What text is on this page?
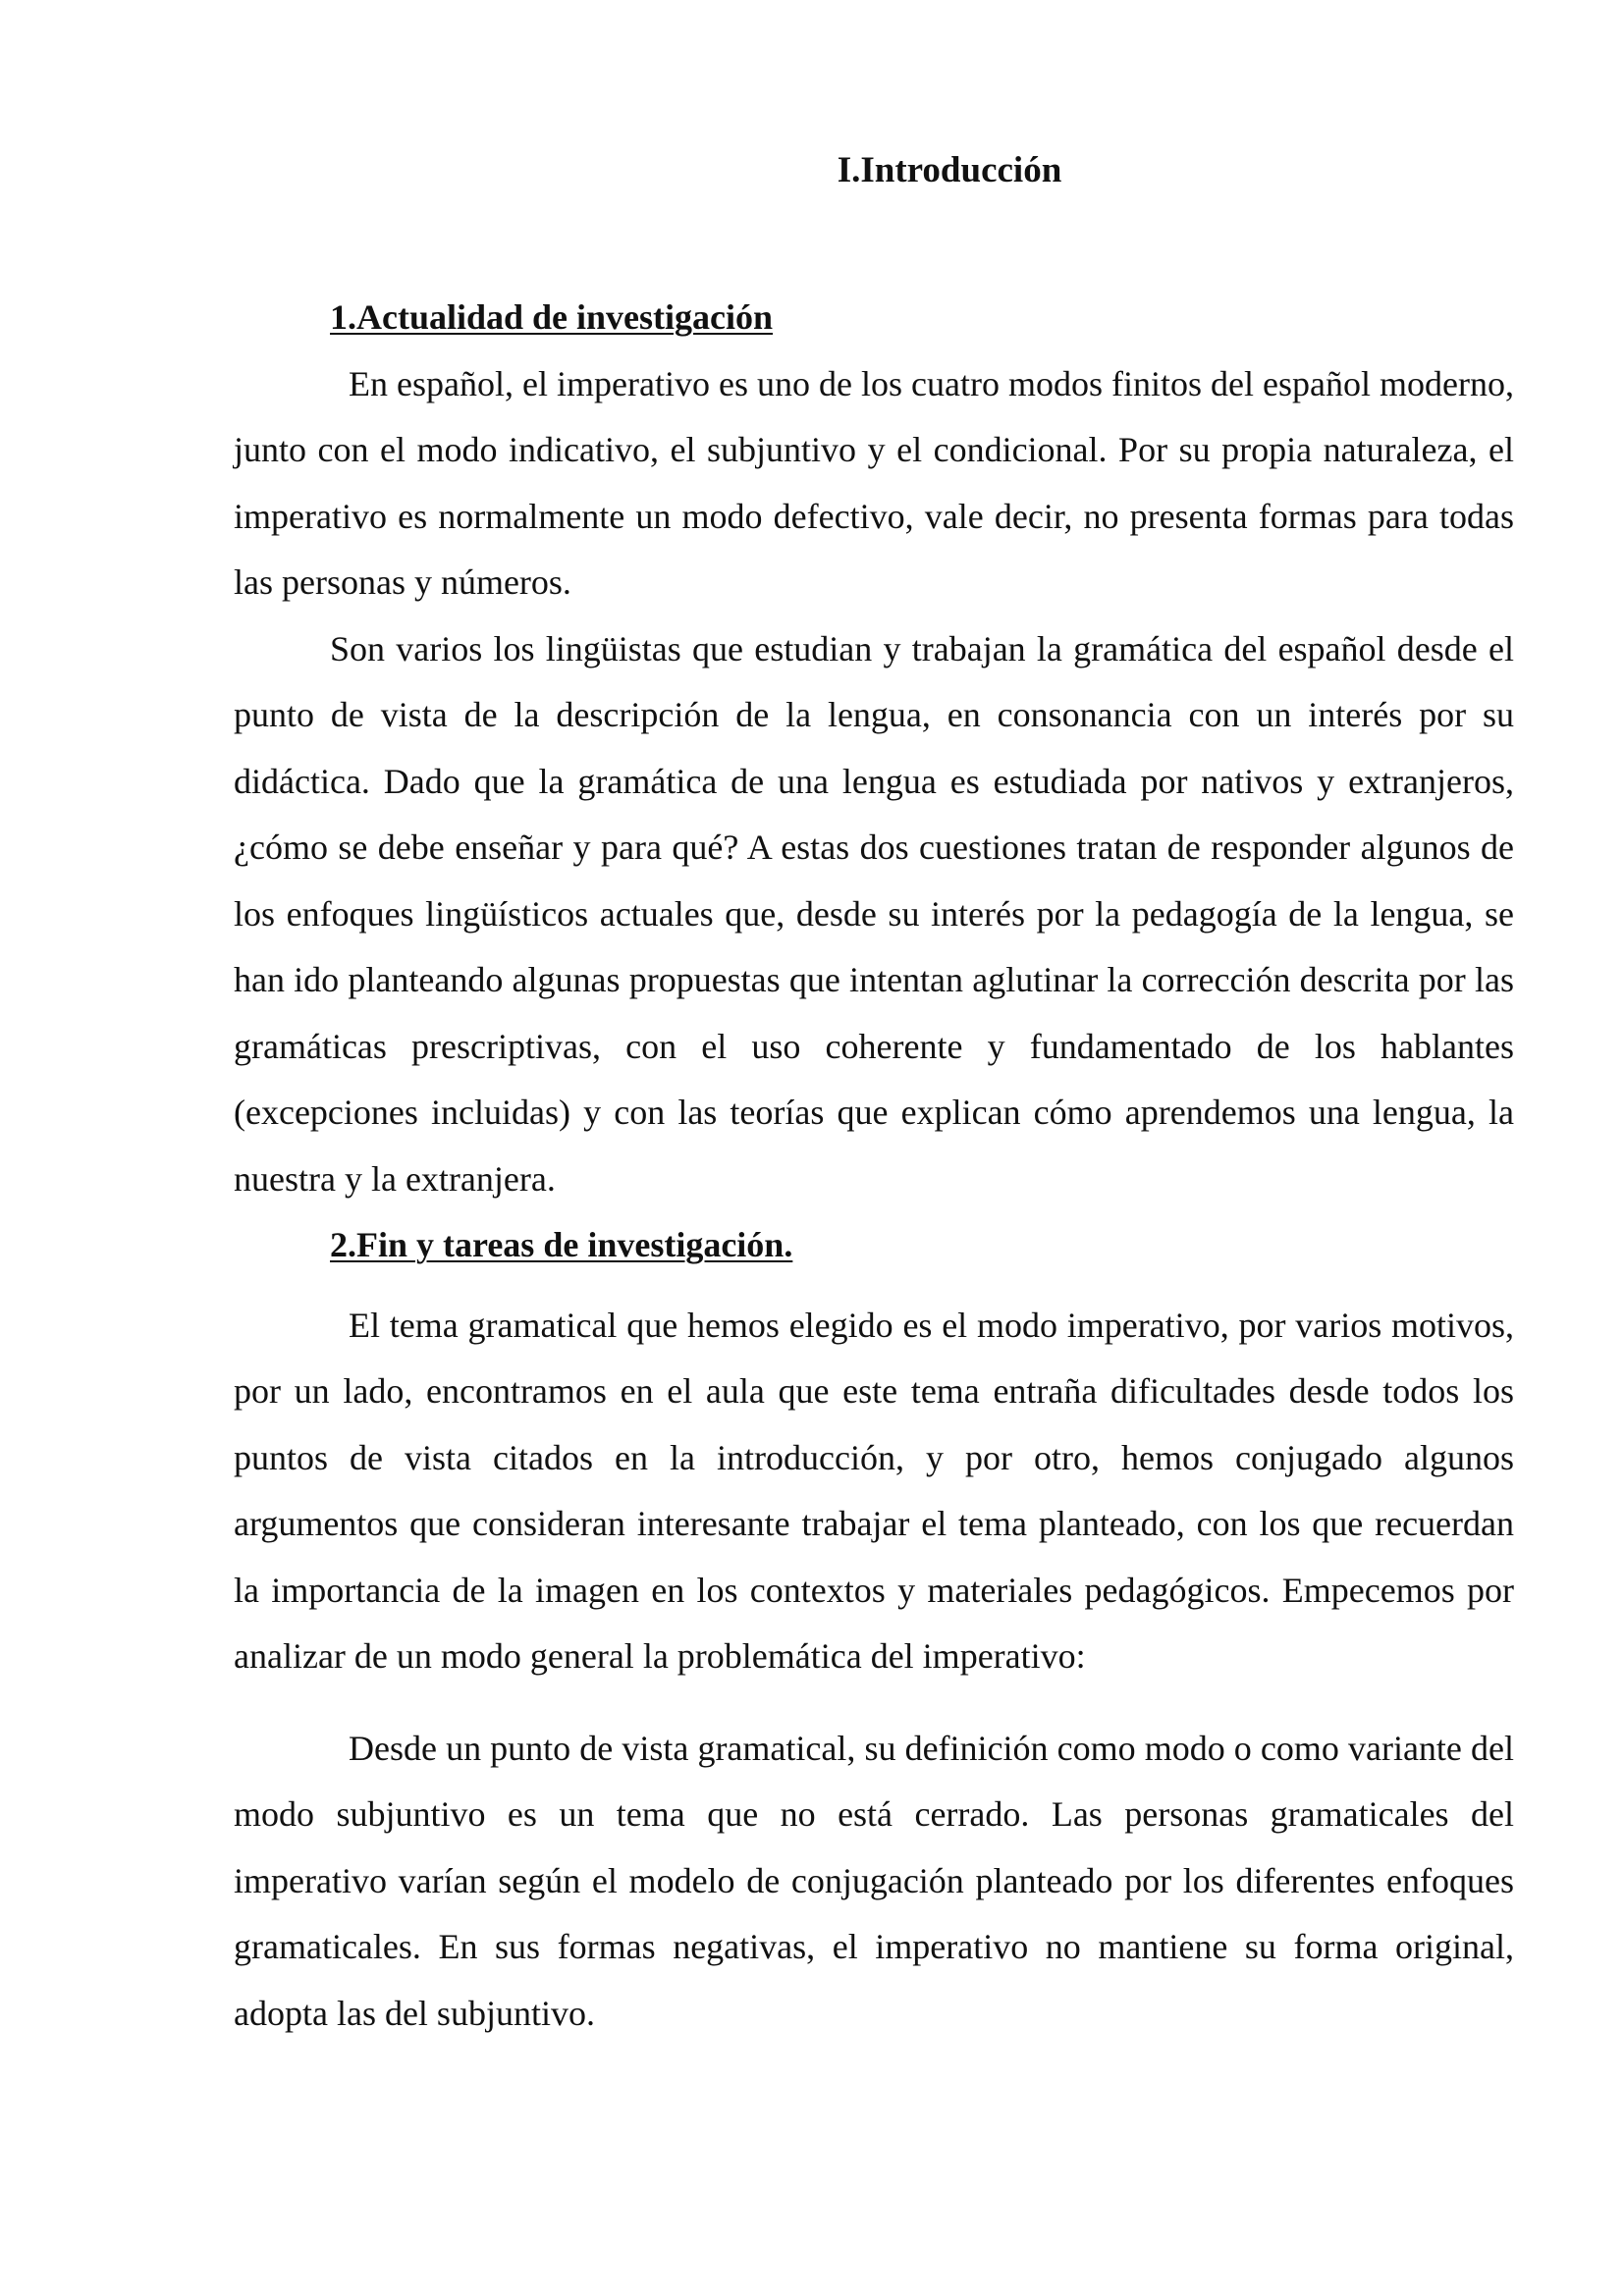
I.Introducción
1.Actualidad de investigación

En español, el imperativo es uno de los cuatro modos finitos del español moderno, junto con el modo indicativo, el subjuntivo y el condicional. Por su propia naturaleza, el imperativo es normalmente un modo defectivo, vale decir, no presenta formas para todas las personas y números.

Son varios los lingüistas que estudian y trabajan la gramática del español desde el punto de vista de la descripción de la lengua, en consonancia con un interés por su didáctica. Dado que la gramática de una lengua es estudiada por nativos y extranjeros, ¿cómo se debe enseñar y para qué? A estas dos cuestiones tratan de responder algunos de los enfoques lingüísticos actuales que, desde su interés por la pedagogía de la lengua, se han ido planteando algunas propuestas que intentan aglutinar la corrección descrita por las gramáticas prescriptivas, con el uso coherente y fundamentado de los hablantes (excepciones incluidas) y con las teorías que explican cómo aprendemos una lengua, la nuestra y la extranjera.

2.Fin y tareas de investigación.

El tema gramatical que hemos elegido es el modo imperativo, por varios motivos, por un lado, encontramos en el aula que este tema entraña dificultades desde todos los puntos de vista citados en la introducción, y por otro, hemos conjugado algunos argumentos que consideran interesante trabajar el tema planteado, con los que recuerdan la importancia de la imagen en los contextos y materiales pedagógicos. Empecemos por analizar de un modo general la problemática del imperativo:

Desde un punto de vista gramatical, su definición como modo o como variante del modo subjuntivo es un tema que no está cerrado. Las personas gramaticales del imperativo varían según el modelo de conjugación planteado por los diferentes enfoques gramaticales. En sus formas negativas, el imperativo no mantiene su forma original, adopta las del subjuntivo.
